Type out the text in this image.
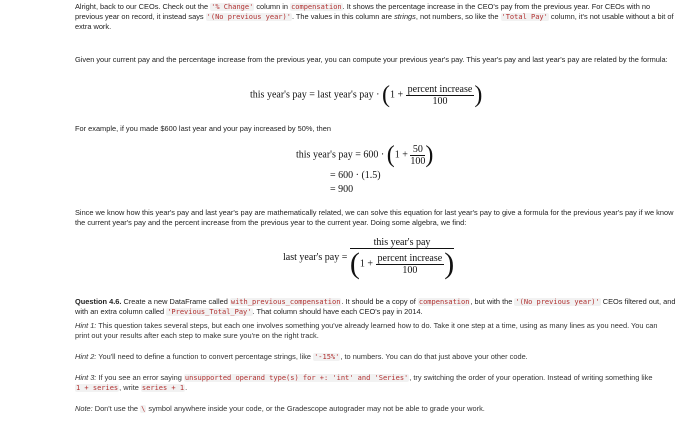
Alright, back to our CEOs. Check out the '% Change' column in compensation. It shows the percentage increase in the CEO's pay from the previous year. For CEOs with no previous year on record, it instead says '(No previous year)'. The values in this column are strings, not numbers, so like the 'Total Pay' column, it's not usable without a bit of extra work.
Given your current pay and the percentage increase from the previous year, you can compute your previous year's pay. This year's pay and last year's pay are related by the formula:
this year's pay = last year's pay · ($1 + \frac{\text{percent increase}}{100}$ )
For example, if you made $600 last year and your pay increased by 50%, then
this year's pay = $600 \cdot (1 + \frac{50}{100}$ )
= 600 · (1.5)
= 900
Since we know how this year's pay and last year's pay are mathematically related, we can solve this equation for last year's pay to give a formula for the previous year's pay if we know the current year's pay and the percent increase from the previous year to the current year. Doing some algebra, we find:
last year's pay =
this year's pay
($1 + \frac{\text{percent increase}}{100}$ )
Question 4.6. Create a new DataFrame called with_previous_compensation. It should be a copy of compensation, but with the '(No previous year)' CEOs filtered out, and with an extra column called 'Previous_Total_Pay'. That column should have each CEO's pay in 2014.
Hint 1: This question takes several steps, but each one involves something you've already learned how to do. Take it one step at a time, using as many lines as you need. You can print out your results after each step to make sure you're on the right track.
Hint 2: You'll need to define a function to convert percentage strings, like '-15%', to numbers. You can do that just above your other code.
Hint 3: If you see an error saying unsupported operand type(s) for +: 'int' and 'Series', try switching the order of your operation. Instead of writing something like 1 + series, write series + 1.
Note: Don't use the \ symbol anywhere inside your code, or the Gradescope autograder may not be able to grade your work.
